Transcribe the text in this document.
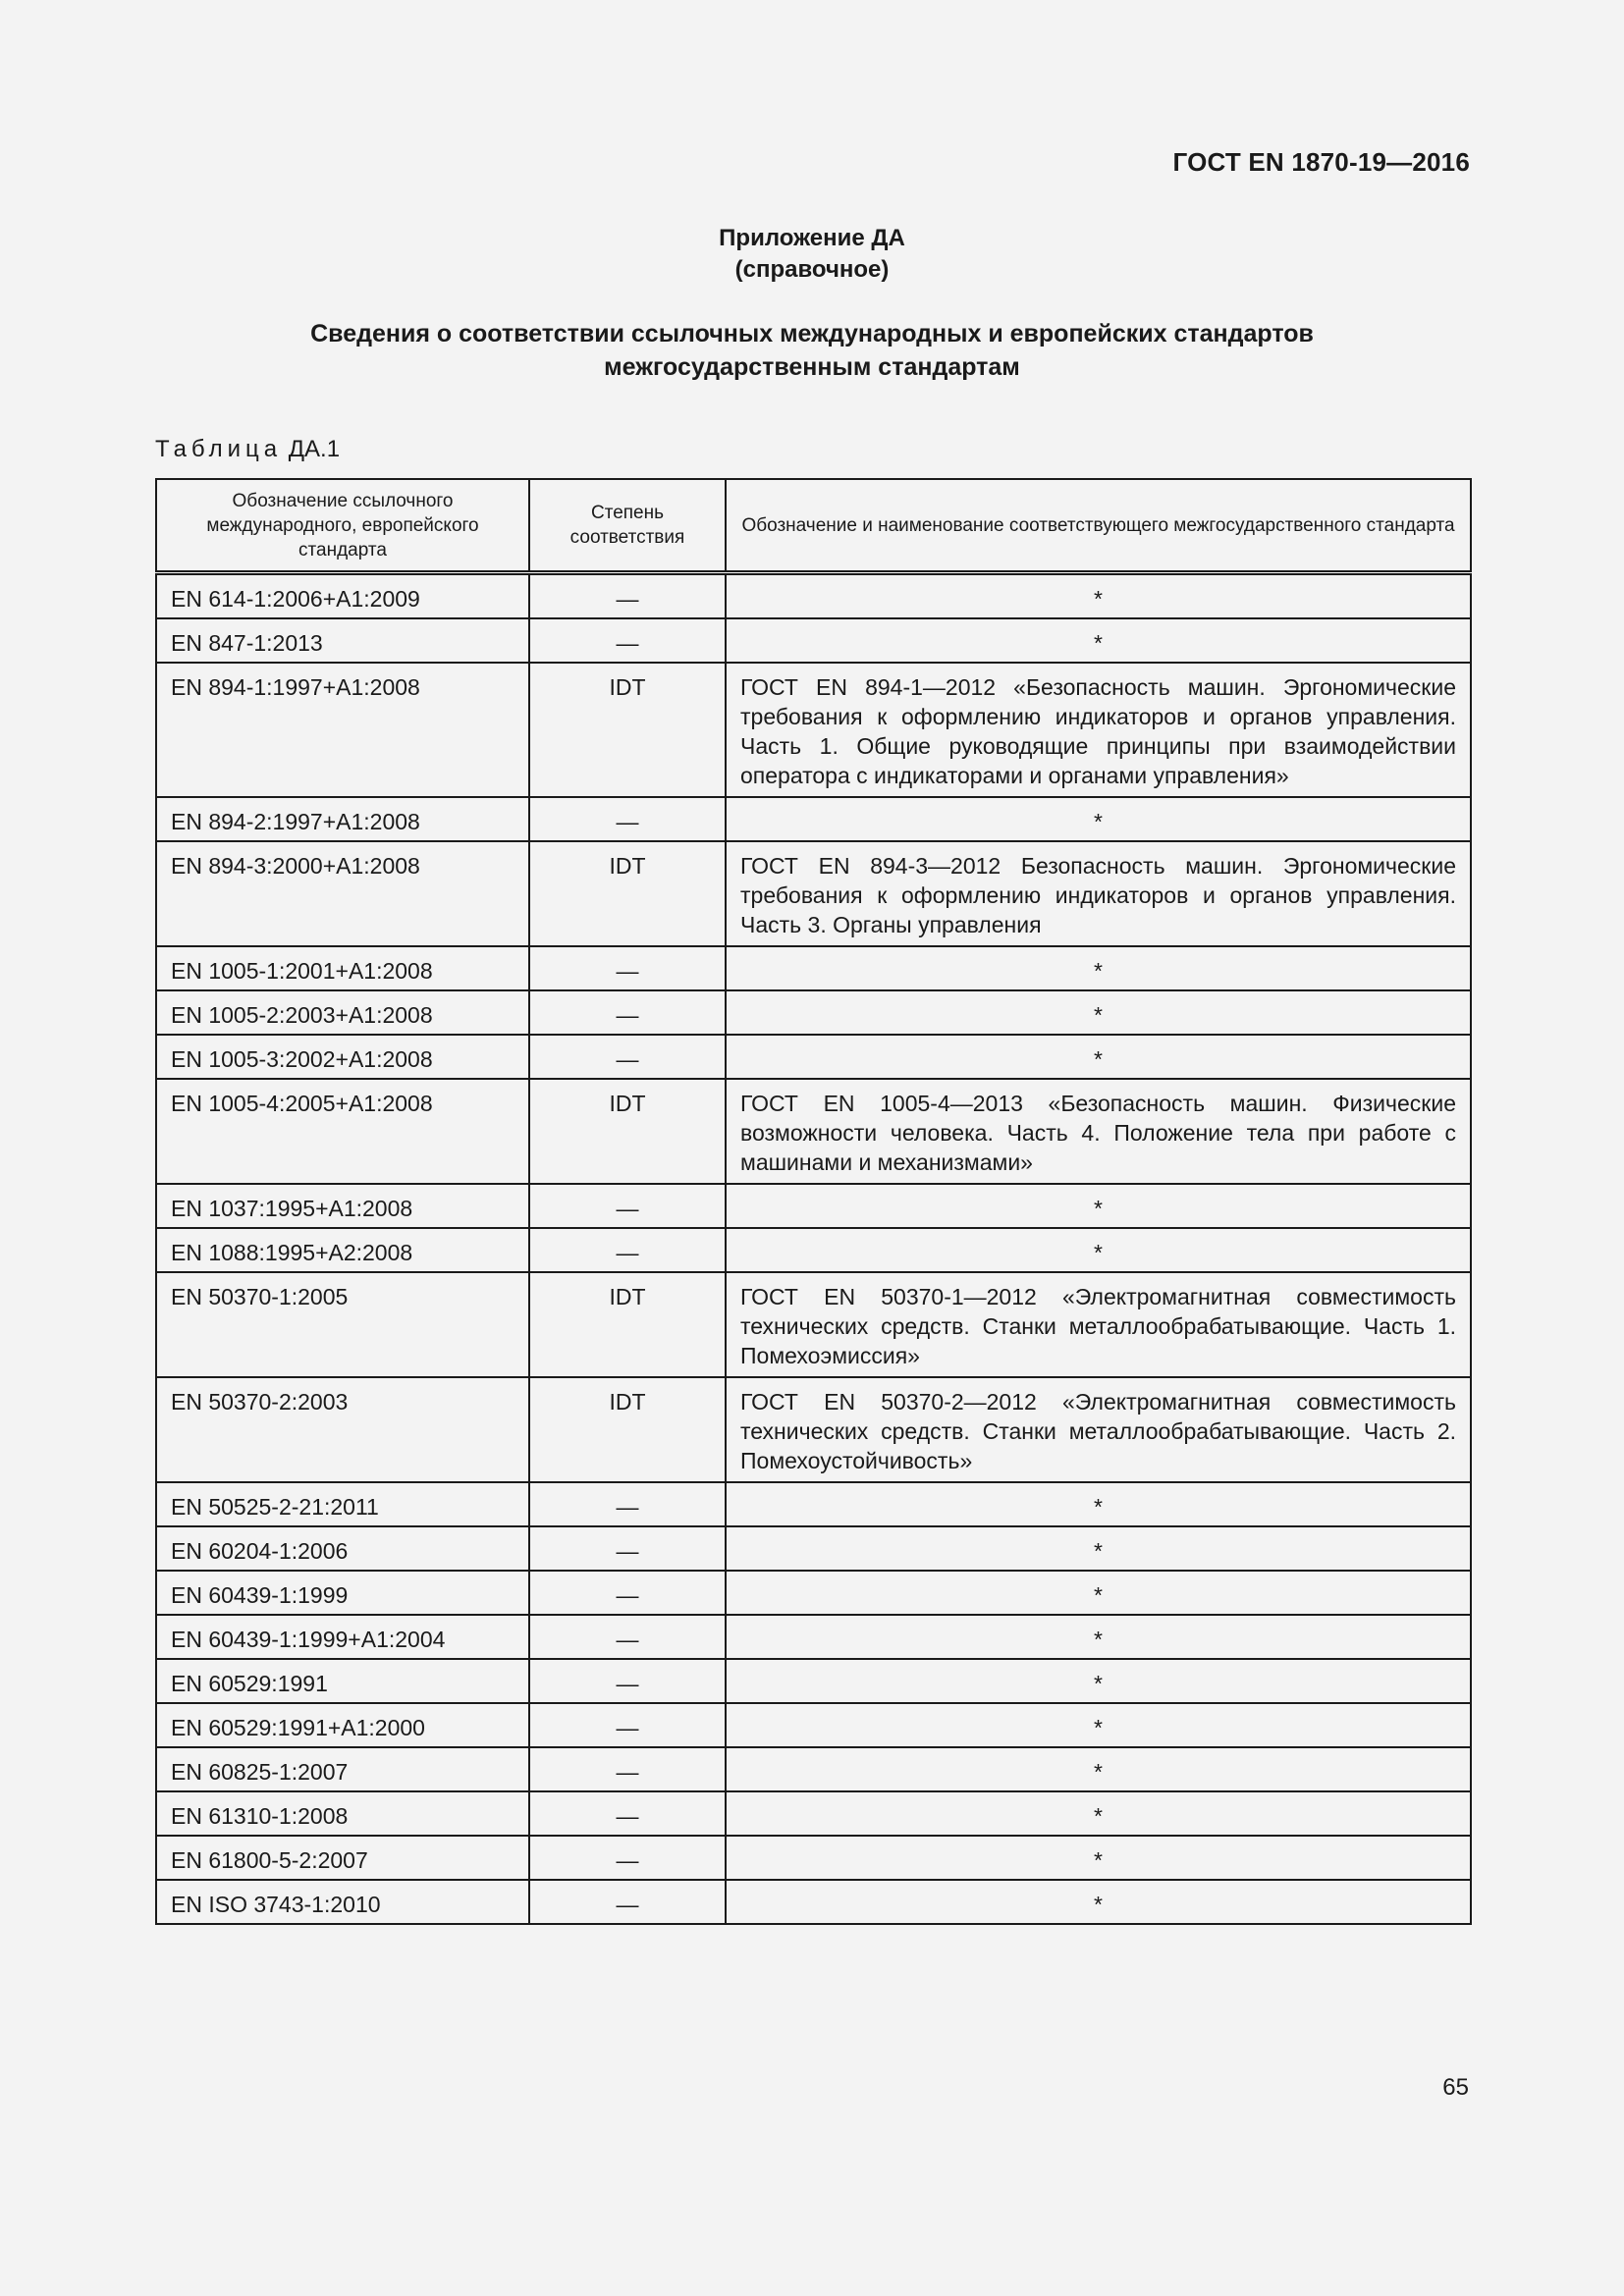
ГОСТ EN 1870-19—2016
Приложение ДА
(справочное)
Сведения о соответствии ссылочных международных и европейских стандартов
межгосударственным стандартам
Таблица ДА.1
Обозначение ссылочного международного, европейского стандарта	Степень соответствия	Обозначение и наименование соответствующего межгосударственного стандарта
EN 614-1:2006+A1:2009	—	*
EN 847-1:2013	—	*
EN 894-1:1997+A1:2008	IDT	ГОСТ EN 894-1—2012 «Безопасность машин. Эргономические требования к оформлению индикаторов и органов управления. Часть 1. Общие руководящие принципы при взаимодействии оператора с индикаторами и органами управления»
EN 894-2:1997+A1:2008	—	*
EN 894-3:2000+A1:2008	IDT	ГОСТ EN 894-3—2012 Безопасность машин. Эргономические требования к оформлению индикаторов и органов управления. Часть 3. Органы управления
EN 1005-1:2001+A1:2008	—	*
EN 1005-2:2003+A1:2008	—	*
EN 1005-3:2002+A1:2008	—	*
EN 1005-4:2005+A1:2008	IDT	ГОСТ EN 1005-4—2013 «Безопасность машин. Физические возможности человека. Часть 4. Положение тела при работе с машинами и механизмами»
EN 1037:1995+A1:2008	—	*
EN 1088:1995+A2:2008	—	*
EN 50370-1:2005	IDT	ГОСТ EN 50370-1—2012 «Электромагнитная совместимость технических средств. Станки металлообрабатывающие. Часть 1. Помехоэмиссия»
EN 50370-2:2003	IDT	ГОСТ EN 50370-2—2012 «Электромагнитная совместимость технических средств. Станки металлообрабатывающие. Часть 2. Помехоустойчивость»
EN 50525-2-21:2011	—	*
EN 60204-1:2006	—	*
EN 60439-1:1999	—	*
EN 60439-1:1999+A1:2004	—	*
EN 60529:1991	—	*
EN 60529:1991+A1:2000	—	*
EN 60825-1:2007	—	*
EN 61310-1:2008	—	*
EN 61800-5-2:2007	—	*
EN ISO 3743-1:2010	—	*
65
